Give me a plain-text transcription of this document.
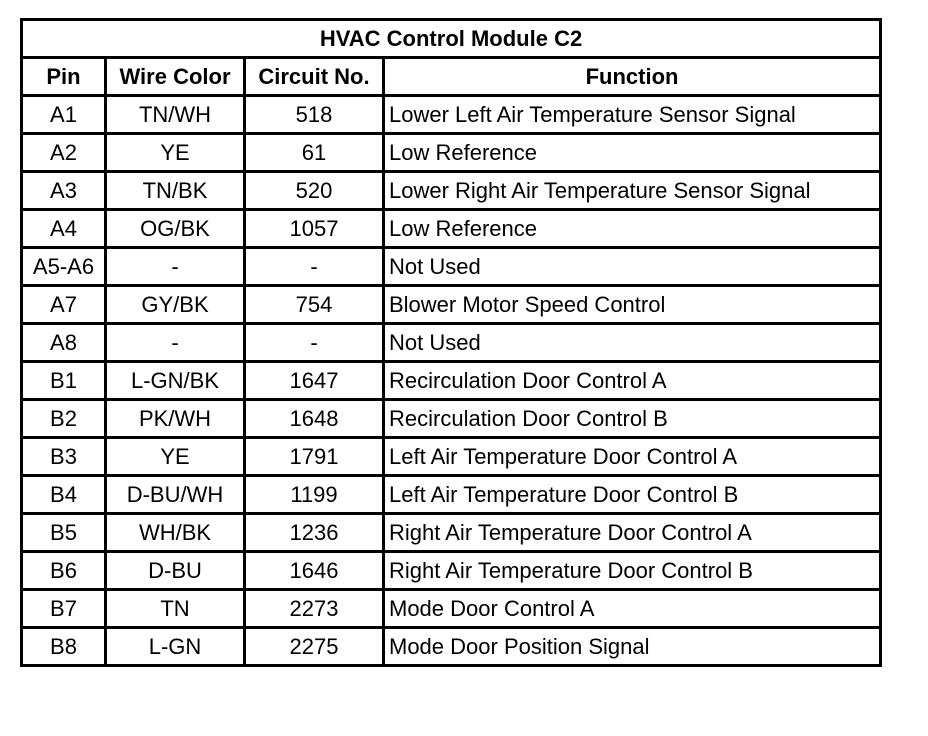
HVAC Control Module C2			
Pin	Wire Color	Circuit No.	Function
A1	TN/WH	518	Lower Left Air Temperature Sensor Signal
A2	YE	61	Low Reference
A3	TN/BK	520	Lower Right Air Temperature Sensor Signal
A4	OG/BK	1057	Low Reference
A5-A6	-	-	Not Used
A7	GY/BK	754	Blower Motor Speed Control
A8	-	-	Not Used
B1	L-GN/BK	1647	Recirculation Door Control A
B2	PK/WH	1648	Recirculation Door Control B
B3	YE	1791	Left Air Temperature Door Control A
B4	D-BU/WH	1199	Left Air Temperature Door Control B
B5	WH/BK	1236	Right Air Temperature Door Control A
B6	D-BU	1646	Right Air Temperature Door Control B
B7	TN	2273	Mode Door Control A
B8	L-GN	2275	Mode Door Position Signal
